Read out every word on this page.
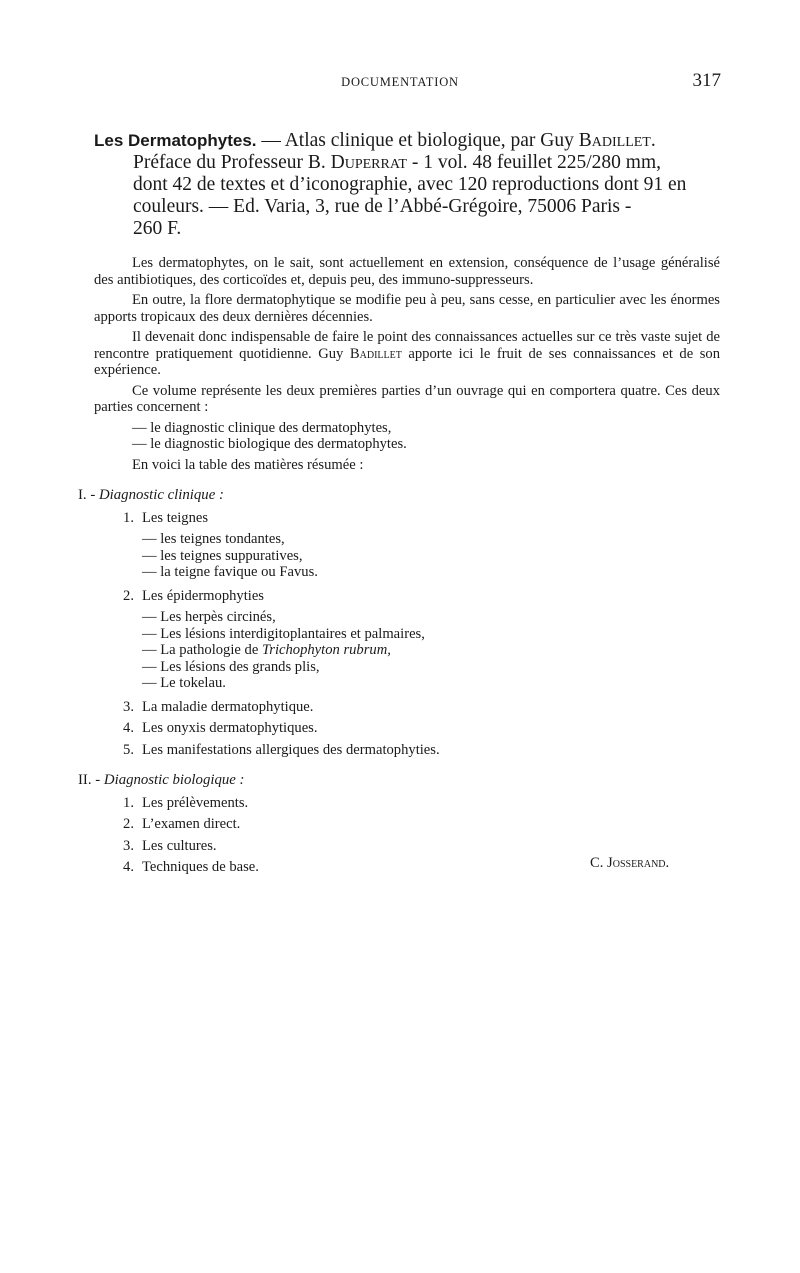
DOCUMENTATION	317
Les Dermatophytes. — Atlas clinique et biologique, par Guy Badillet.
Préface du Professeur B. Duperrat - 1 vol. 48 feuillet 225/280 mm,
dont 42 de textes et d’iconographie, avec 120 reproductions dont 91 en
couleurs. — Ed. Varia, 3, rue de l’Abbé-Grégoire, 75006 Paris -
260 F.

Les dermatophytes, on le sait, sont actuellement en extension, conséquence de l’usage généralisé des antibiotiques, des corticoïdes et, depuis peu, des immuno-suppresseurs.

En outre, la flore dermatophytique se modifie peu à peu, sans cesse, en particulier avec les énormes apports tropicaux des deux dernières décennies.

Il devenait donc indispensable de faire le point des connaissances actuelles sur ce très vaste sujet de rencontre pratiquement quotidienne. Guy Badillet apporte ici le fruit de ses connaissances et de son expérience.

Ce volume représente les deux premières parties d’un ouvrage qui en comportera quatre. Ces deux parties concernent :

— le diagnostic clinique des dermatophytes,

— le diagnostic biologique des dermatophytes.

En voici la table des matières résumée :

I. - Diagnostic clinique :

1. Les teignes

— les teignes tondantes,

— les teignes suppuratives,

— la teigne favique ou Favus.

2. Les épidermophyties

— Les herpès circinés,

— Les lésions interdigitoplantaires et palmaires,

— La pathologie de Trichophyton rubrum,

— Les lésions des grands plis,

— Le tokelau.

3. La maladie dermatophytique.

4. Les onyxis dermatophytiques.

5. Les manifestations allergiques des dermatophyties.

II. - Diagnostic biologique :

1. Les prélèvements.

2. L’examen direct.

3. Les cultures.

4. Techniques de base.	C. Josserand.
